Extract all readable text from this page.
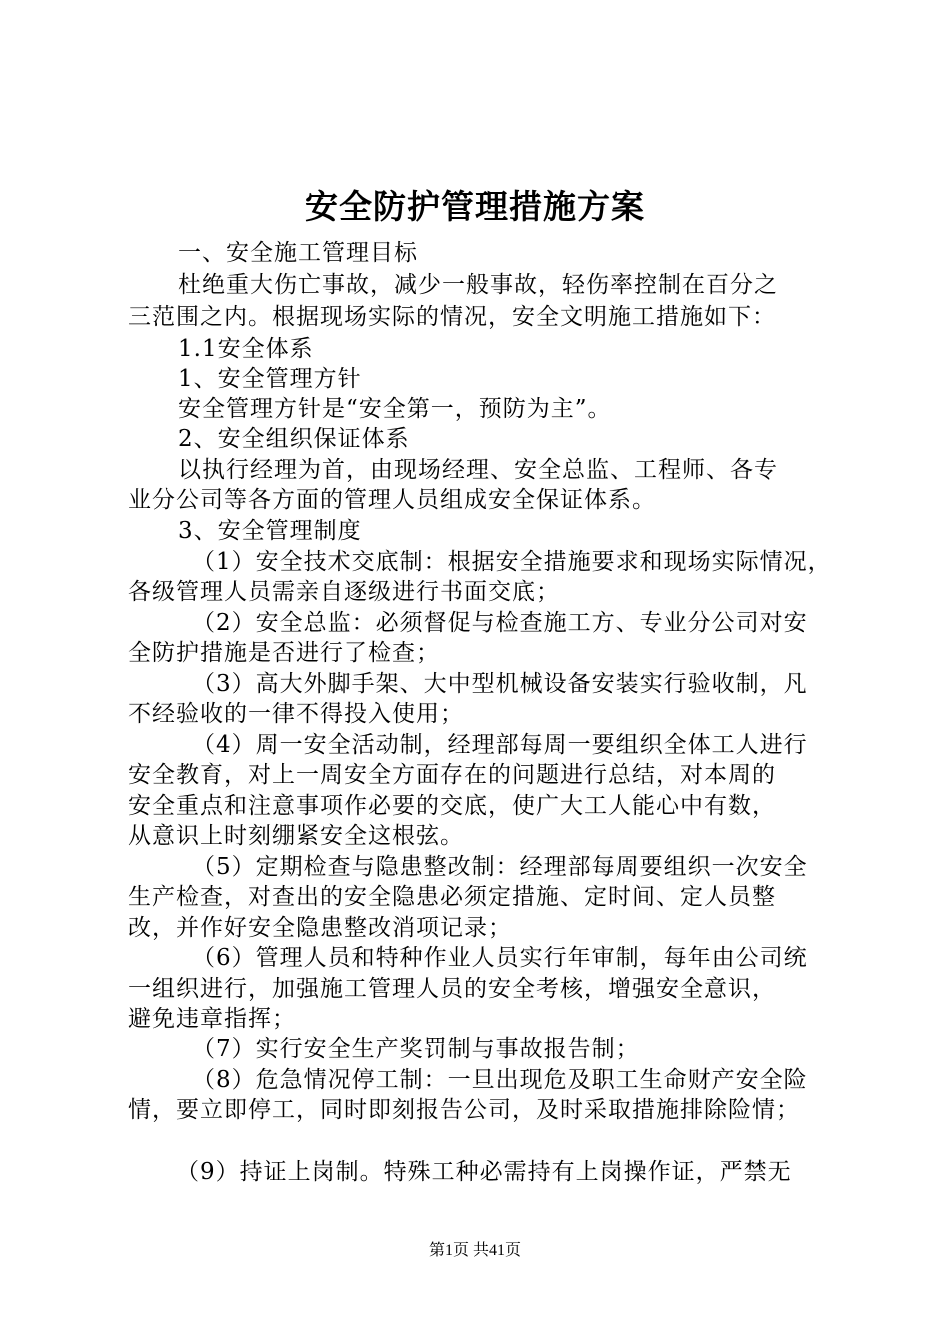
安全防护管理措施方案
一、安全施工管理目标
杜绝重大伤亡事故，减少一般事故，轻伤率控制在百分之
三范围之内。根据现场实际的情况，安全文明施工措施如下：
1.1安全体系
1、安全管理方针
安全管理方针是“安全第一，预防为主”。
2、安全组织保证体系
以执行经理为首，由现场经理、安全总监、工程师、各专
业分公司等各方面的管理人员组成安全保证体系。
3、安全管理制度
（1）安全技术交底制：根据安全措施要求和现场实际情况，
各级管理人员需亲自逐级进行书面交底；
（2）安全总监：必须督促与检查施工方、专业分公司对安
全防护措施是否进行了检查；
（3）高大外脚手架、大中型机械设备安装实行验收制，凡
不经验收的一律不得投入使用；
（4）周一安全活动制，经理部每周一要组织全体工人进行
安全教育，对上一周安全方面存在的问题进行总结，对本周的
安全重点和注意事项作必要的交底，使广大工人能心中有数，
从意识上时刻绷紧安全这根弦。
（5）定期检查与隐患整改制：经理部每周要组织一次安全
生产检查，对查出的安全隐患必须定措施、定时间、定人员整
改，并作好安全隐患整改消项记录；
（6）管理人员和特种作业人员实行年审制，每年由公司统
一组织进行，加强施工管理人员的安全考核，增强安全意识，
避免违章指挥；
（7）实行安全生产奖罚制与事故报告制；
（8）危急情况停工制：一旦出现危及职工生命财产安全险
情，要立即停工，同时即刻报告公司，及时采取措施排除险情；
（9）持证上岗制。特殊工种必需持有上岗操作证，严禁无
第1页 共41页
